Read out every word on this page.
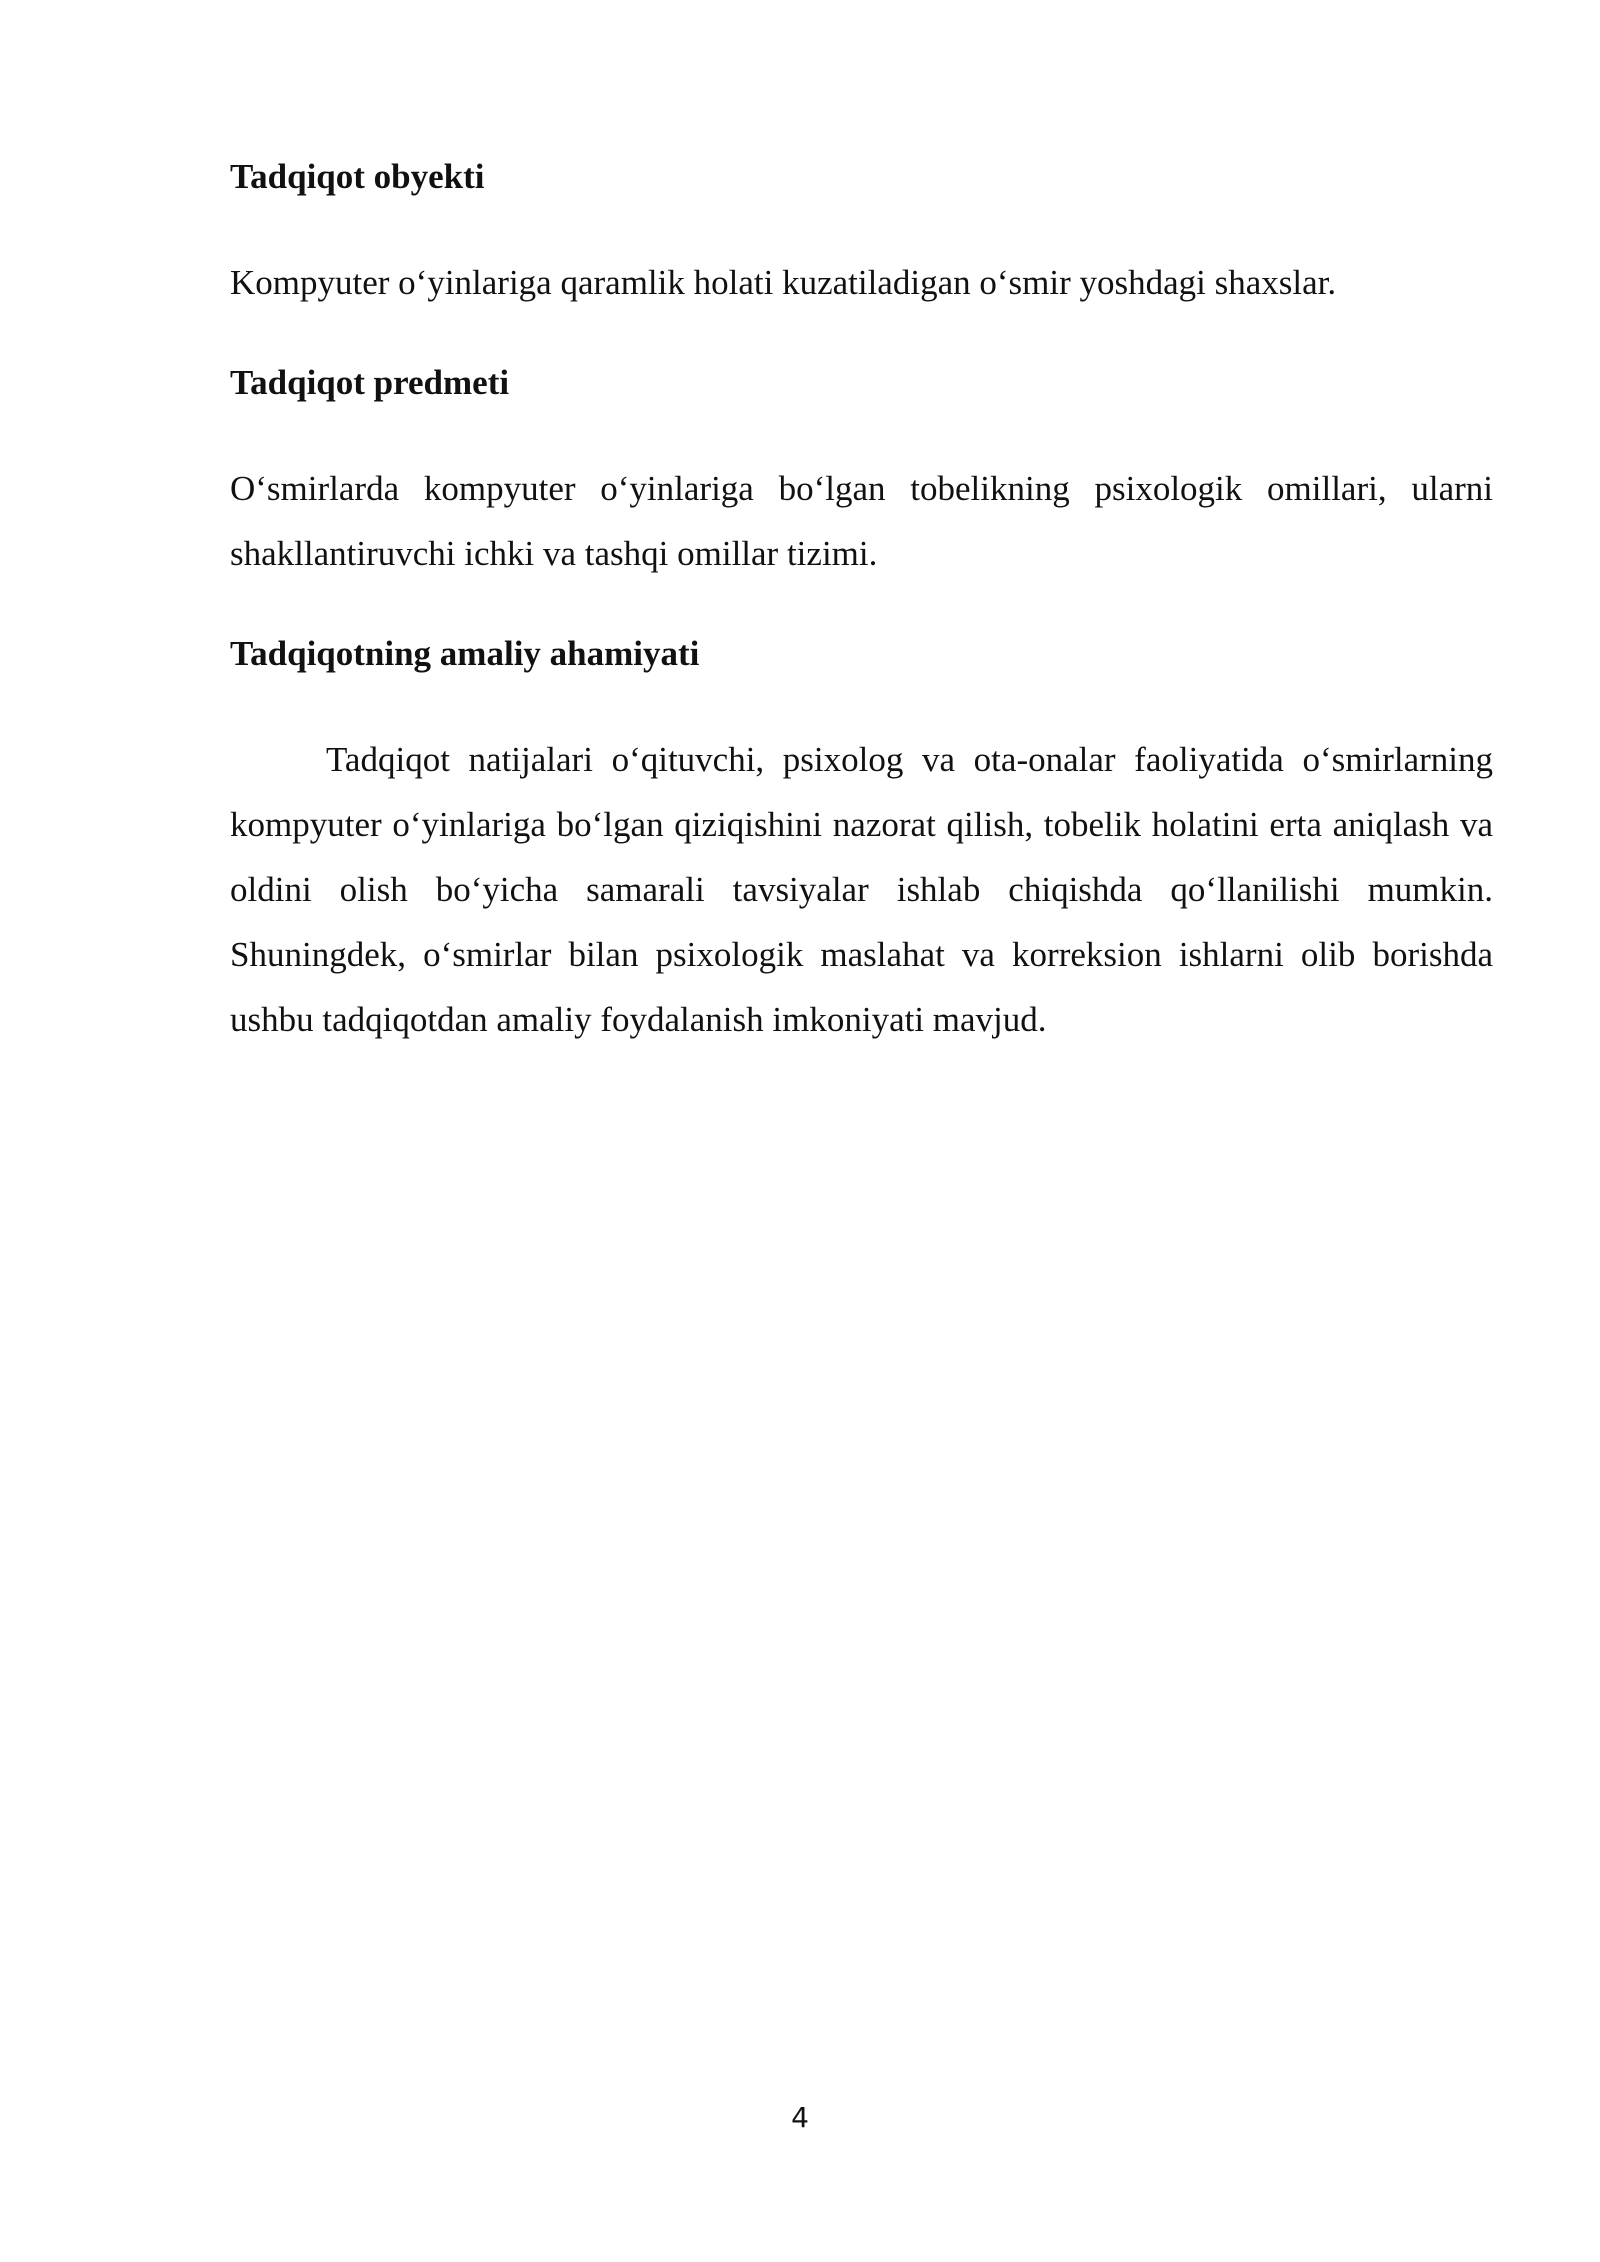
Tadqiqot obyekti

Kompyuter o‘yinlariga qaramlik holati kuzatiladigan o‘smir yoshdagi shaxslar.

Tadqiqot predmeti

O‘smirlarda kompyuter o‘yinlariga bo‘lgan tobelikning psixologik omillari, ularni shakllantiruvchi ichki va tashqi omillar tizimi.

Tadqiqotning amaliy ahamiyati

Tadqiqot natijalari o‘qituvchi, psixolog va ota-onalar faoliyatida o‘smirlarning kompyuter o‘yinlariga bo‘lgan qiziqishini nazorat qilish, tobelik holatini erta aniqlash va oldini olish bo‘yicha samarali tavsiyalar ishlab chiqishda qo‘llanilishi mumkin. Shuningdek, o‘smirlar bilan psixologik maslahat va korreksion ishlarni olib borishda ushbu tadqiqotdan amaliy foydalanish imkoniyati mavjud.

4
